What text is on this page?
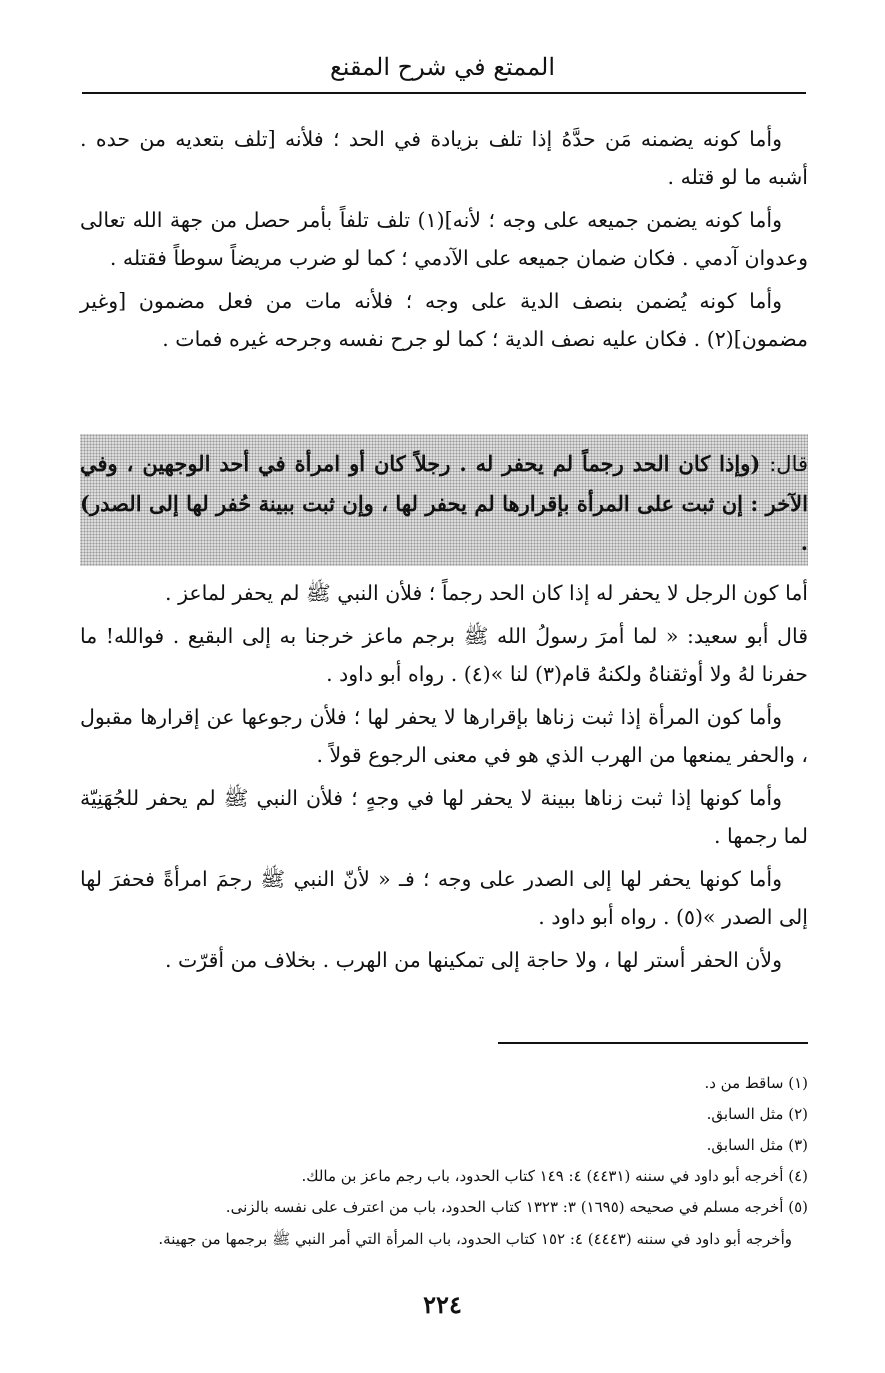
الممتع في شرح المقنع

وأما كونه يضمنه مَن حدَّهُ إذا تلف بزيادة في الحد ؛ فلأنه [تلف بتعديه من حده . أشبه ما لو قتله .

وأما كونه يضمن جميعه على وجه ؛ لأنه](١) تلف تلفاً بأمر حصل من جهة الله تعالى وعدوان آدمي . فكان ضمان جميعه على الآدمي ؛ كما لو ضرب مريضاً سوطاً فقتله .

وأما كونه يُضمن بنصف الدية على وجه ؛ فلأنه مات من فعل مضمون [وغير مضمون](٢) . فكان عليه نصف الدية ؛ كما لو جرح نفسه وجرحه غيره فمات .

قال: (وإذا كان الحد رجماً لم يحفر له . رجلاً كان أو امرأة في أحد الوجهين ، وفي الآخر : إن ثبت على المرأة بإقرارها لم يحفر لها ، وإن ثبت ببينة حُفر لها إلى الصدر) .

أما كون الرجل لا يحفر له إذا كان الحد رجماً ؛ فلأن النبي ﷺ لم يحفر لماعز .

قال أبو سعيد: « لما أمرَ رسولُ الله ﷺ برجم ماعز خرجنا به إلى البقيع . فوالله! ما حفرنا لهُ ولا أوثقناهُ ولكنهُ قام(٣) لنا »(٤) . رواه أبو داود .

وأما كون المرأة إذا ثبت زناها بإقرارها لا يحفر لها ؛ فلأن رجوعها عن إقرارها مقبول ، والحفر يمنعها من الهرب الذي هو في معنى الرجوع قولاً .

وأما كونها إذا ثبت زناها ببينة لا يحفر لها في وجهٍ ؛ فلأن النبي ﷺ لم يحفر للجُهَنِيّة لما رجمها .

وأما كونها يحفر لها إلى الصدر على وجه ؛ فـ « لأنّ النبي ﷺ رجمَ امرأةً فحفرَ لها إلى الصدر »(٥) . رواه أبو داود .

ولأن الحفر أستر لها ، ولا حاجة إلى تمكينها من الهرب . بخلاف من أقرّت .

(١) ساقط من د.

(٢) مثل السابق.

(٣) مثل السابق.

(٤) أخرجه أبو داود في سننه (٤٤٣١) ٤: ١٤٩ كتاب الحدود، باب رجم ماعز بن مالك.

(٥) أخرجه مسلم في صحيحه (١٦٩٥) ٣: ١٣٢٣ كتاب الحدود، باب من اعترف على نفسه بالزنى.

وأخرجه أبو داود في سننه (٤٤٤٣) ٤: ١٥٢ كتاب الحدود، باب المرأة التي أمر النبي ﷺ برجمها من جهينة.

٢٢٤
